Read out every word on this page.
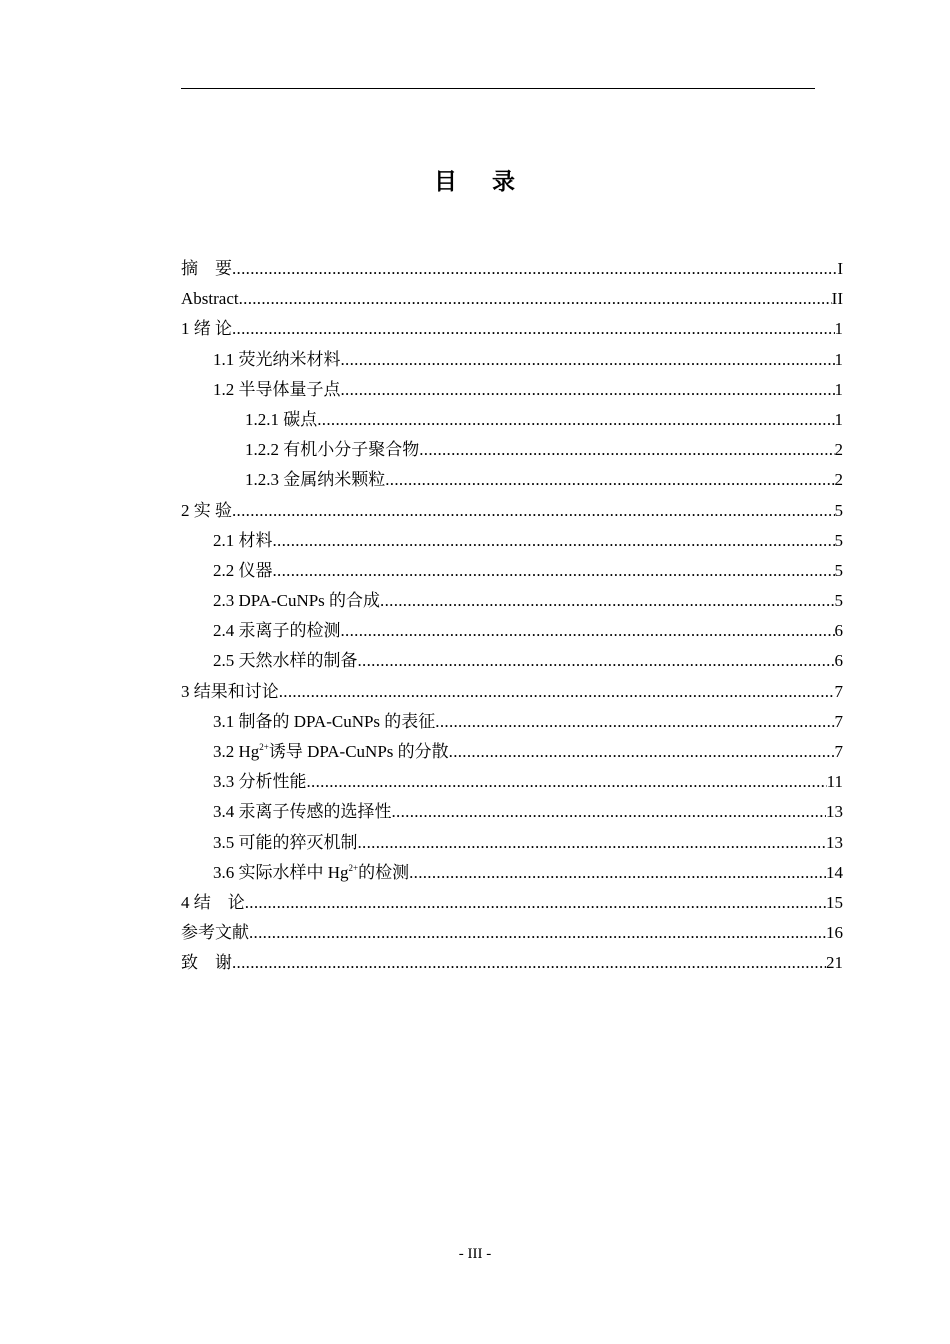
目 录
摘　要 .....	I
Abstract .....	II
1 绪 论 .....	1
1.1 荧光纳米材料 .....	1
1.2 半导体量子点 .....	1
1.2.1 碳点 .....	1
1.2.2 有机小分子聚合物 .....	2
1.2.3 金属纳米颗粒 .....	2
2 实 验 .....	5
2.1 材料 .....	5
2.2 仪器 .....	5
2.3 DPA-CuNPs 的合成 .....	5
2.4 汞离子的检测 .....	6
2.5 天然水样的制备 .....	6
3 结果和讨论 .....	7
3.1 制备的 DPA-CuNPs 的表征 .....	7
3.2 $Hg^{2+}$诱导 DPA-CuNPs 的分散 .....	7
3.3 分析性能 .....	11
3.4 汞离子传感的选择性 .....	13
3.5 可能的猝灭机制 .....	13
3.6 实际水样中 $Hg^{2+}$的检测 .....	14
4 结　论 .....	15
参考文献 .....	16
致　谢 .....	21
- III -
